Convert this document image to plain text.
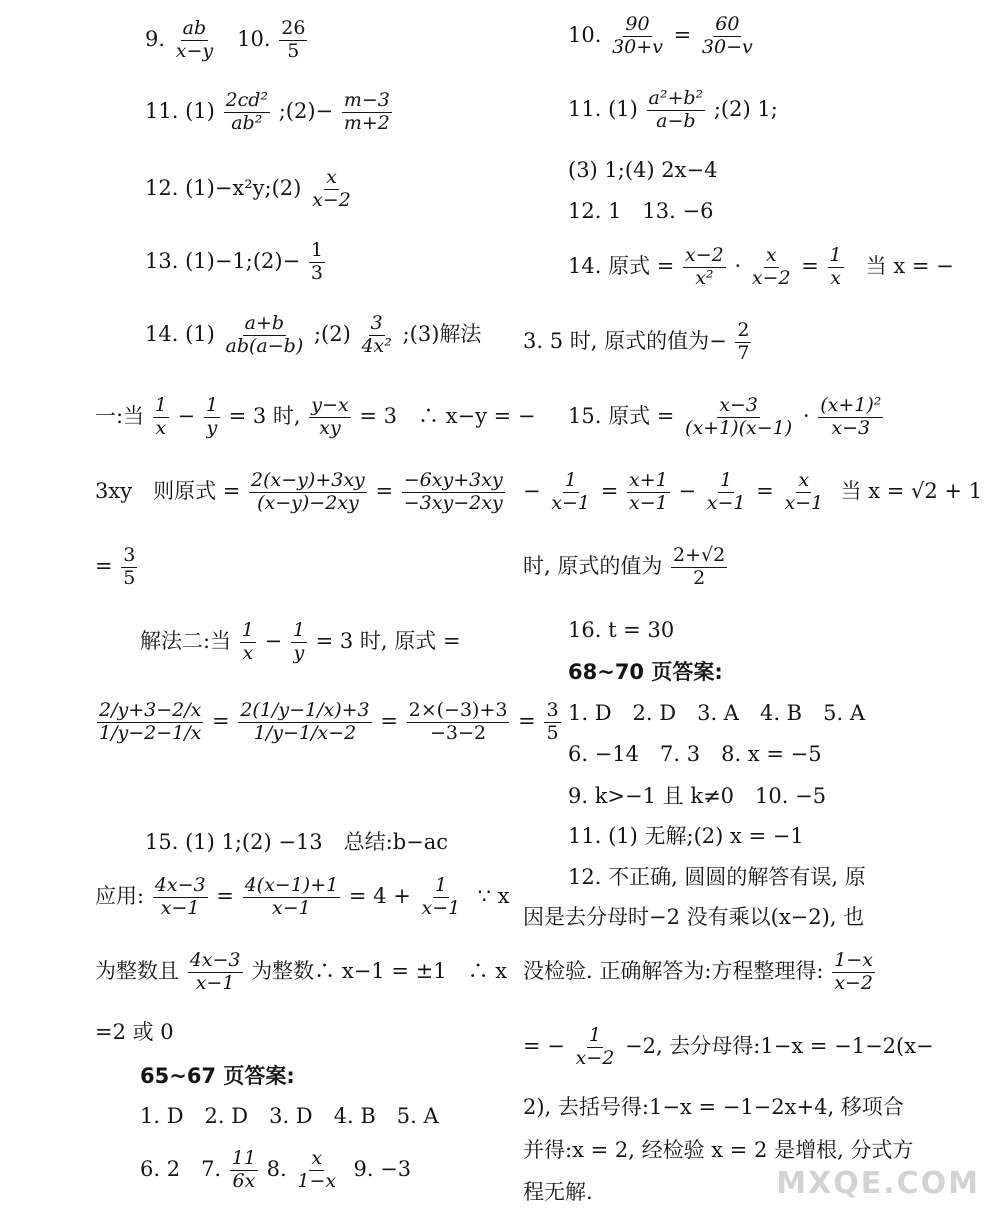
9. $\frac{ab}{x-y} 10$. $\frac{26}{5}$
11. $(1) \frac{\text{2cd²}}{\text{ab²}}$ ;(2)− $\frac{m-3}{m+2}$
12. (1)−x²y;(2) $\frac{x}{x-2}$
13. (1)−1;(2)− $\frac{1}{3}$
14. $(1) \frac{a+b}{ab(a-b)}$ ;(2) $\frac{3}{\text{4x²}}$ ;(3)解法
一:当 $\frac{1}{x} - \frac{1}{y} = 3$ 时, $\frac{y-x}{xy} = 3$　∴ x−y = −
3xy　则原式 = $\frac{2(x-y)+3xy}{(x-y)-2xy} = \frac{-6xy+3xy}{-3xy-2xy}$
= $\frac{3}{5}$
解法二:当 $\frac{1}{x} - \frac{1}{y} = 3$ 时, 原式 =
$\frac{2/y+3-2/x}{1/y-2-1/x} = \frac{2(1/y-1/x)+3}{1/y-1/x-2} = \frac{2\times(-3)+3}{-3-2} = \frac{3}{5}$
15. (1) 1;(2) −13　总结:b−ac
应用: $\frac{4x-3}{x-1} = \frac{4(x-1)+1}{x-1} = 4 + \frac{1}{x-1}$ ∵ x
为整数且 $\frac{4x-3}{x-1}$ 为整数∴ x−1 = ±1　∴ x
=2 或 0
65~67 页答案:
1. D　2. D　3. D　4. B　5. A
6. 2　7. $\frac{11}{6x} 8$. $\frac{x}{1-x} 9$. −3
10. $\frac{90}{30+v} = \frac{60}{30-v}$
11. $(1) \frac{\text{a²+b²}}{a-b}$ ;(2) 1;
(3) 1;(4) 2x−4
12. 1　13. −6
14. 原式 = $\frac{x-2}{\text{x²}} \cdot \frac{x}{x-2} = \frac{1}{x}$ 当 x = −
3. 5 时, 原式的值为− $\frac{2}{7}$
15. 原式 = $\frac{x-3}{(x+1)(x-1)} \cdot \frac{\text{(x+1)²}}{x-3}$
− $\frac{1}{x-1} = \frac{x+1}{x-1} - \frac{1}{x-1} = \frac{x}{x-1}$ 当 x = √2 + 1
时, 原式的值为 $\frac{2+√2}{2}$
16. t = 30
68~70 页答案:
1. D　2. D　3. A　4. B　5. A
6. −14　7. 3　8. x = −5
9. k>−1 且 k≠0　10. −5
11. (1) 无解;(2) x = −1
12. 不正确, 圆圆的解答有误, 原
因是去分母时−2 没有乘以(x−2), 也
没检验. 正确解答为:方程整理得: $\frac{1-x}{x-2}$
= − $\frac{1}{x-2} -2$, 去分母得:1−x = −1−2(x−
2), 去括号得:1−x = −1−2x+4, 移项合
并得:x = 2, 经检验 x = 2 是增根, 分式方
程无解.	MXQE.COM
